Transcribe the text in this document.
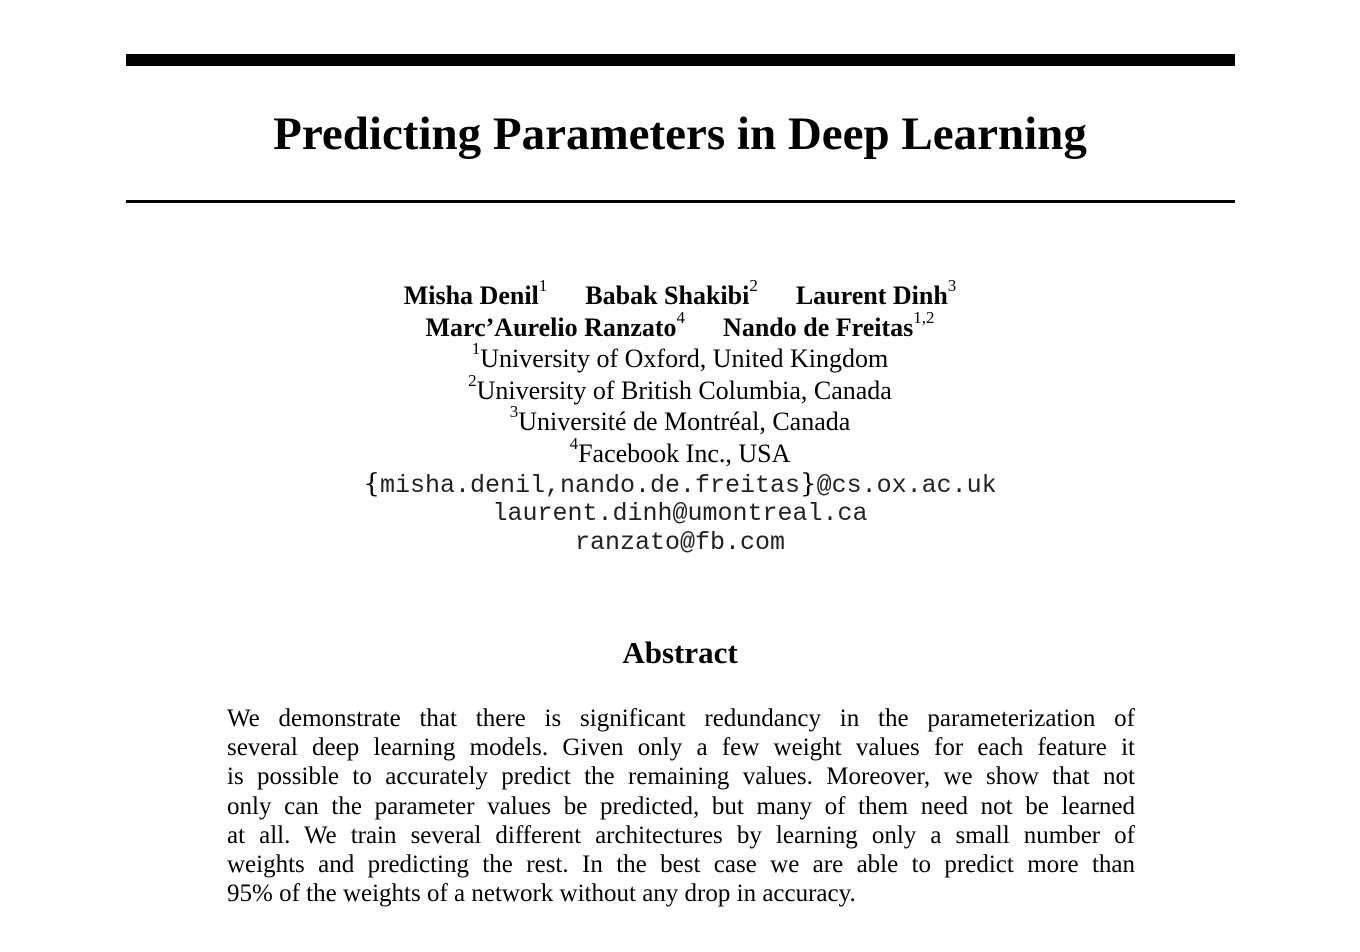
Predicting Parameters in Deep Learning
Misha Denil$^1$ Babak Shakibi$^2$ Laurent Dinh$^3$
Marc’Aurelio Ranzato$^4$ Nando de Freitas$^{1,2}$
$^1$University of Oxford, United Kingdom
$^2$University of British Columbia, Canada
$^3$Université de Montréal, Canada
$^4$Facebook Inc., USA
{misha.denil,nando.de.freitas}@cs.ox.ac.uk
laurent.dinh@umontreal.ca
ranzato@fb.com
Abstract
We demonstrate that there is significant redundancy in the parameterization of
several deep learning models. Given only a few weight values for each feature it
is possible to accurately predict the remaining values. Moreover, we show that not
only can the parameter values be predicted, but many of them need not be learned
at all. We train several different architectures by learning only a small number of
weights and predicting the rest. In the best case we are able to predict more than
95% of the weights of a network without any drop in accuracy.
